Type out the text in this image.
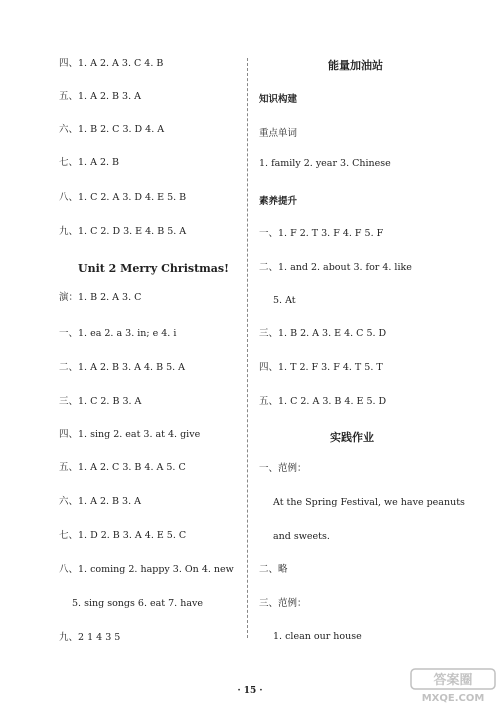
四、1. A 2. A 3. C 4. B
五、1. A 2. B 3. A
六、1. B 2. C 3. D 4. A
七、1. A 2. B
八、1. C 2. A 3. D 4. E 5. B
九、1. C 2. D 3. E 4. B 5. A
Unit 2 Merry Christmas!
演：1. B 2. A 3. C
一、1. ea 2. a 3. in; e 4. i
二、1. A 2. B 3. A 4. B 5. A
三、1. C 2. B 3. A
四、1. sing 2. eat 3. at 4. give
五、1. A 2. C 3. B 4. A 5. C
六、1. A 2. B 3. A
七、1. D 2. B 3. A 4. E 5. C
八、1. coming 2. happy 3. On 4. new
5. sing songs 6. eat 7. have
九、2 1 4 3 5
能量加油站
知识构建
重点单词
1. family 2. year 3. Chinese
素养提升
一、1. F 2. T 3. F 4. F 5. F
二、1. and 2. about 3. for 4. like
5. At
三、1. B 2. A 3. E 4. C 5. D
四、1. T 2. F 3. F 4. T 5. T
五、1. C 2. A 3. B 4. E 5. D
实践作业
一、范例：
At the Spring Festival, we have peanuts
and sweets.
二、略
三、范例：
1. clean our house
· 15 ·
答案圈
MXQE.COM
